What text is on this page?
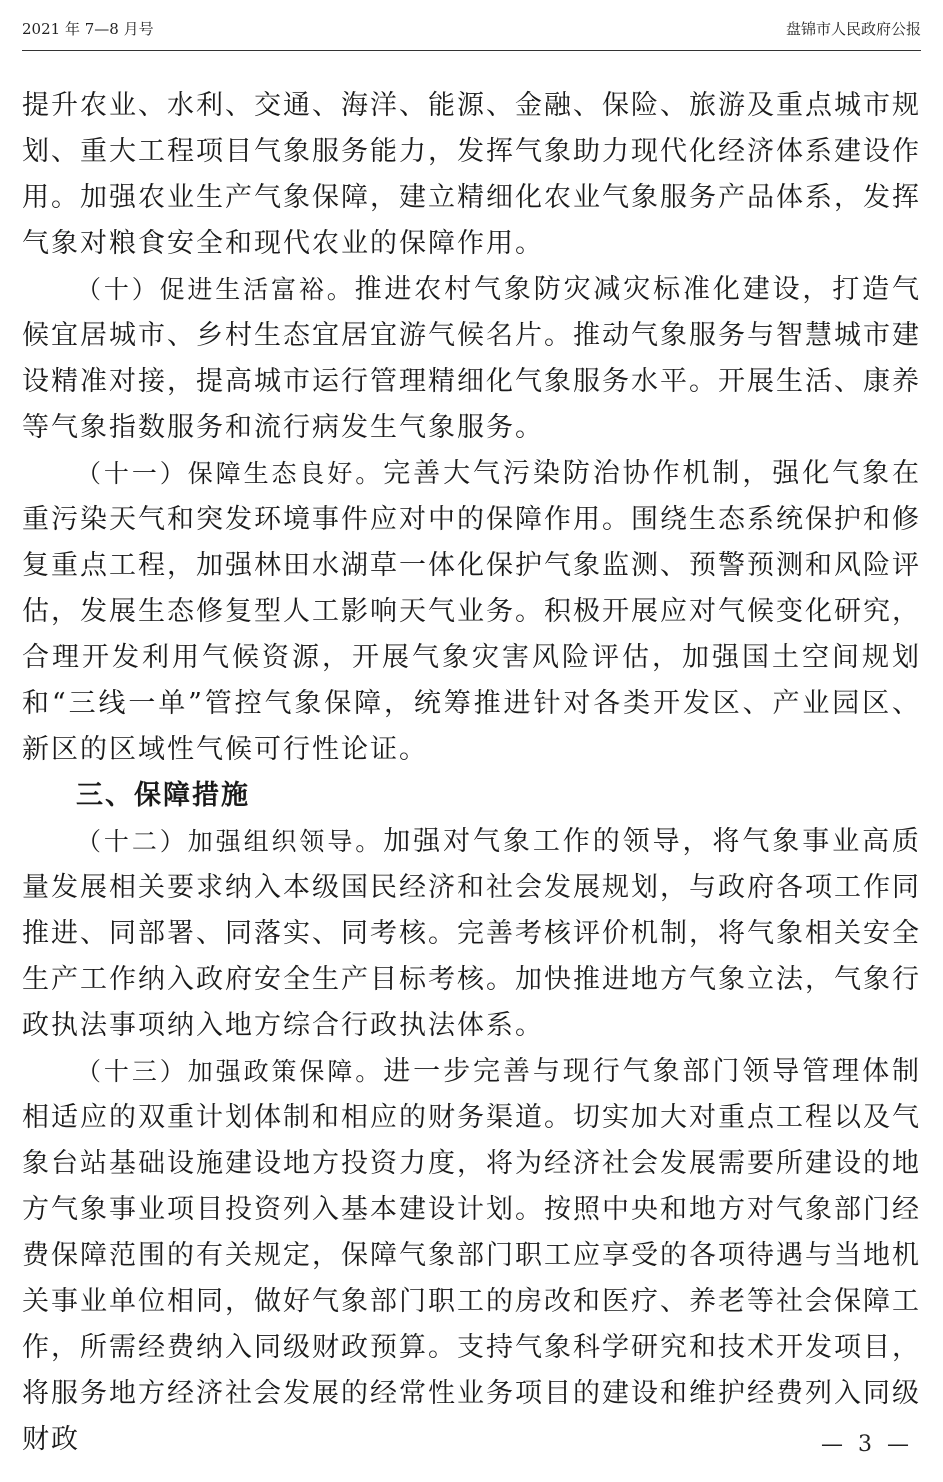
2021 年 7—8 月号	盘锦市人民政府公报

提升农业、水利、交通、海洋、能源、金融、保险、旅游及重点城市规划、重大工程项目气象服务能力，发挥气象助力现代化经济体系建设作用。加强农业生产气象保障，建立精细化农业气象服务产品体系，发挥气象对粮食安全和现代农业的保障作用。

（十）促进生活富裕。推进农村气象防灾减灾标准化建设，打造气候宜居城市、乡村生态宜居宜游气候名片。推动气象服务与智慧城市建设精准对接，提高城市运行管理精细化气象服务水平。开展生活、康养等气象指数服务和流行病发生气象服务。

（十一）保障生态良好。完善大气污染防治协作机制，强化气象在重污染天气和突发环境事件应对中的保障作用。围绕生态系统保护和修复重点工程，加强林田水湖草一体化保护气象监测、预警预测和风险评估，发展生态修复型人工影响天气业务。积极开展应对气候变化研究，合理开发利用气候资源，开展气象灾害风险评估，加强国土空间规划和“三线一单”管控气象保障，统筹推进针对各类开发区、产业园区、新区的区域性气候可行性论证。

三、保障措施

（十二）加强组织领导。加强对气象工作的领导，将气象事业高质量发展相关要求纳入本级国民经济和社会发展规划，与政府各项工作同推进、同部署、同落实、同考核。完善考核评价机制，将气象相关安全生产工作纳入政府安全生产目标考核。加快推进地方气象立法，气象行政执法事项纳入地方综合行政执法体系。

（十三）加强政策保障。进一步完善与现行气象部门领导管理体制相适应的双重计划体制和相应的财务渠道。切实加大对重点工程以及气象台站基础设施建设地方投资力度，将为经济社会发展需要所建设的地方气象事业项目投资列入基本建设计划。按照中央和地方对气象部门经费保障范围的有关规定，保障气象部门职工应享受的各项待遇与当地机关事业单位相同，做好气象部门职工的房改和医疗、养老等社会保障工作，所需经费纳入同级财政预算。支持气象科学研究和技术开发项目，将服务地方经济社会发展的经常性业务项目的建设和维护经费列入同级财政	— 3 —
